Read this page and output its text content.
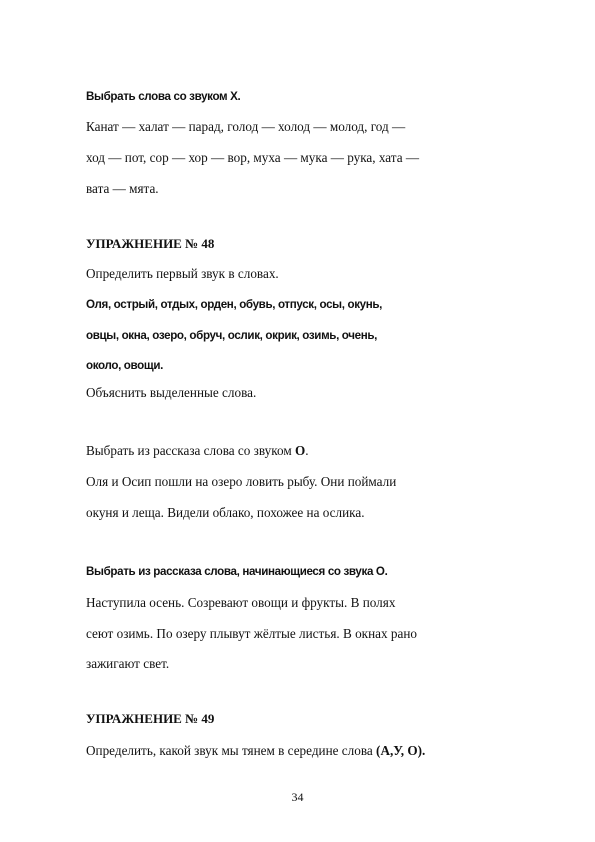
Выбрать слова со звуком Х.
Канат — халат — парад, голод — холод — молод, год —
ход — пот, сор — хор — вор, муха — мука — рука, хата —
вата — мята.
УПРАЖНЕНИЕ № 48
Определить первый звук в словах.
Оля, острый, отдых, орден, обувь, отпуск, осы, окунь,
овцы, окна, озеро, обруч, ослик, окрик, озимь, очень,
около, овощи.
Объяснить выделенные слова.
Выбрать из рассказа слова со звуком О.
Оля и Осип пошли на озеро ловить рыбу. Они поймали
окуня и леща. Видели облако, похожее на ослика.
Выбрать из рассказа слова, начинающиеся со звука О.
Наступила осень. Созревают овощи и фрукты. В полях
сеют озимь. По озеру плывут жёлтые листья. В окнах рано
зажигают свет.
УПРАЖНЕНИЕ № 49
Определить, какой звук мы тянем в середине слова (А,У, О).
34
